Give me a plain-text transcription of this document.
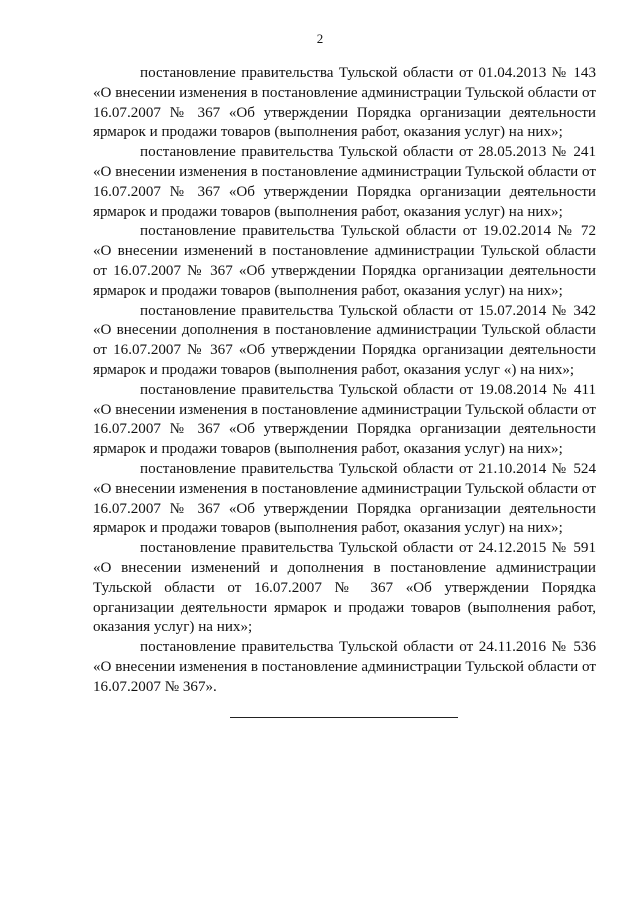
2

постановление правительства Тульской области от 01.04.2013 № 143 «О внесении изменения в постановление администрации Тульской области от 16.07.2007 № 367 «Об утверждении Порядка организации деятельности ярмарок и продажи товаров (выполнения работ, оказания услуг) на них»;

постановление правительства Тульской области от 28.05.2013 № 241 «О внесении изменения в постановление администрации Тульской области от 16.07.2007 № 367 «Об утверждении Порядка организации деятельности ярмарок и продажи товаров (выполнения работ, оказания услуг) на них»;

постановление правительства Тульской области от 19.02.2014 № 72 «О внесении изменений в постановление администрации Тульской области от 16.07.2007 № 367 «Об утверждении Порядка организации деятельности ярмарок и продажи товаров (выполнения работ, оказания услуг) на них»;

постановление правительства Тульской области от 15.07.2014 № 342 «О внесении дополнения в постановление администрации Тульской области от 16.07.2007 № 367 «Об утверждении Порядка организации деятельности ярмарок и продажи товаров (выполнения работ, оказания услуг «) на них»;

постановление правительства Тульской области от 19.08.2014 № 411 «О внесении изменения в постановление администрации Тульской области от 16.07.2007 № 367 «Об утверждении Порядка организации деятельности ярмарок и продажи товаров (выполнения работ, оказания услуг) на них»;

постановление правительства Тульской области от 21.10.2014 № 524 «О внесении изменения в постановление администрации Тульской области от 16.07.2007 № 367 «Об утверждении Порядка организации деятельности ярмарок и продажи товаров (выполнения работ, оказания услуг) на них»;

постановление правительства Тульской области от 24.12.2015 № 591 «О внесении изменений и дополнения в постановление администрации Тульской области от 16.07.2007 № 367 «Об утверждении Порядка организации деятельности ярмарок и продажи товаров (выполнения работ, оказания услуг) на них»;

постановление правительства Тульской области от 24.11.2016 № 536 «О внесении изменения в постановление администрации Тульской области от 16.07.2007 № 367».
